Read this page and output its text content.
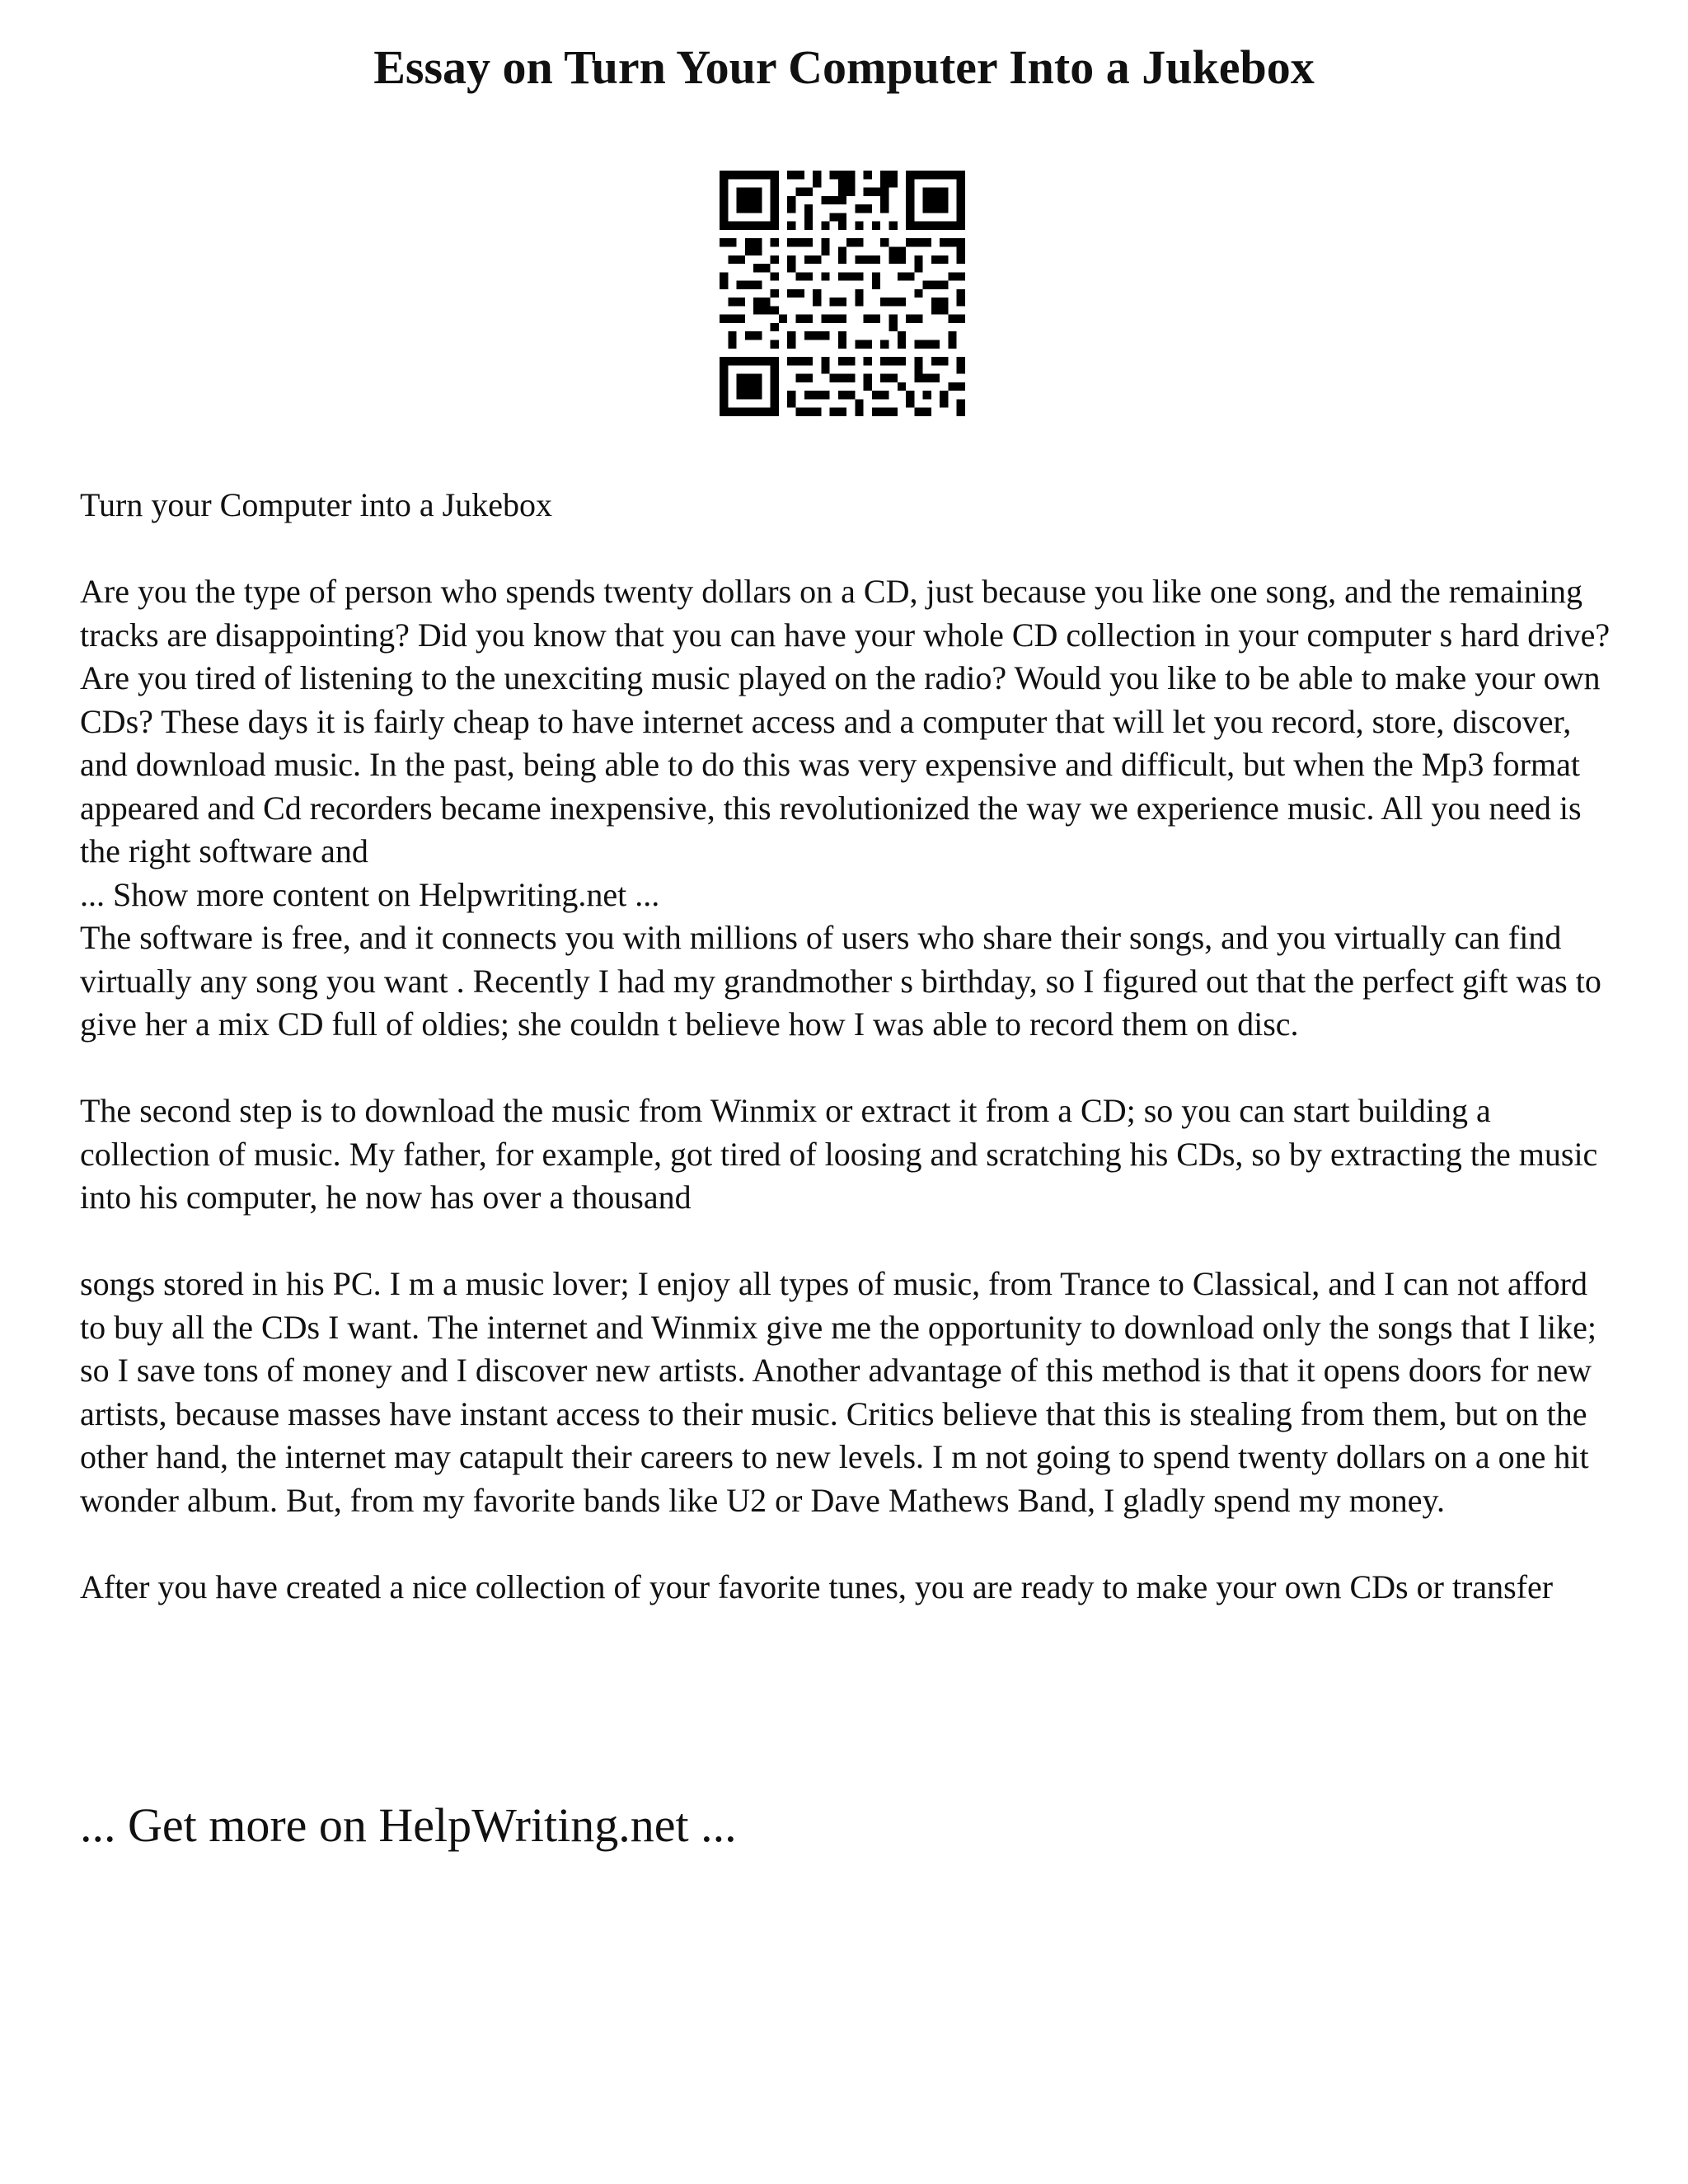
Essay on Turn Your Computer Into a Jukebox

Turn your Computer into a Jukebox

Are you the type of person who spends twenty dollars on a CD, just because you like one song, and the remaining tracks are disappointing? Did you know that you can have your whole CD collection in your computer s hard drive? Are you tired of listening to the unexciting music played on the radio? Would you like to be able to make your own CDs? These days it is fairly cheap to have internet access and a computer that will let you record, store, discover, and download music. In the past, being able to do this was very expensive and difficult, but when the Mp3 format appeared and Cd recorders became inexpensive, this revolutionized the way we experience music. All you need is the right software and

... Show more content on Helpwriting.net ...

The software is free, and it connects you with millions of users who share their songs, and you virtually can find virtually any song you want . Recently I had my grandmother s birthday, so I figured out that the perfect gift was to give her a mix CD full of oldies; she couldn t believe how I was able to record them on disc.

The second step is to download the music from Winmix or extract it from a CD; so you can start building a collection of music. My father, for example, got tired of loosing and scratching his CDs, so by extracting the music into his computer, he now has over a thousand

songs stored in his PC. I m a music lover; I enjoy all types of music, from Trance to Classical, and I can not afford to buy all the CDs I want. The internet and Winmix give me the opportunity to download only the songs that I like; so I save tons of money and I discover new artists. Another advantage of this method is that it opens doors for new artists, because masses have instant access to their music. Critics believe that this is stealing from them, but on the other hand, the internet may catapult their careers to new levels. I m not going to spend twenty dollars on a one hit wonder album. But, from my favorite bands like U2 or Dave Mathews Band, I gladly spend my money.

After you have created a nice collection of your favorite tunes, you are ready to make your own CDs or transfer

... Get more on HelpWriting.net ...
